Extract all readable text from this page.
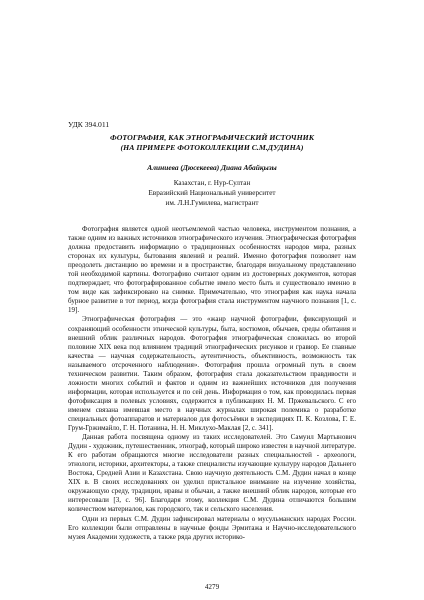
УДК 394.011
ФОТОГРАФИЯ, КАК ЭТНОГРАФИЧЕСКИЙ ИСТОЧНИК
(НА ПРИМЕРЕ ФОТОКОЛЛЕКЦИИ С.М.ДУДИНА)
Алиниева (Дюсекеева) Диана Абайқызы
Казахстан, г. Нур-Султан
Евразийский Национальный университет
им. Л.Н.Гумилева, магистрант

Фотография является одной неотъемлемой частью человека, инструментом познания, а также одним из важных источников этнографического изучения. Этнографическая фотография должна предоставить информацию о традиционных особенностях народов мира, разных сторонах их культуры, бытования явлений и реалий. Именно фотография позволяет нам преодолеть дистанцию во времени и в пространстве, благодаря визуальному представлению той необходимой картины. Фотографию считают одним из достоверных документов, которая подтверждает, что фотографированное событие имело место быть и существовало именно в том виде как зафиксировано на снимке. Примечательно, что этнография как наука начала бурное развитие в тот период, когда фотография стала инструментом научного познания [1, с. 19].

Этнографическая фотография — это «жанр научной фотографии, фиксирующий и сохраняющий особенности этнической культуры, быта, костюмов, обычаев, среды обитания и внешний облик различных народов. Фотография этнографическая сложилась во второй половине XIX века под влиянием традиций этнографических рисунков и гравюр. Ее главные качества — научная содержательность, аутентичность, объективность, возможность так называемого отсроченного наблюдения». Фотография прошла огромный путь в своем техническом развитии. Таким образом, фотография стала доказательством правдивости и ложности многих событий и фактов и одним из важнейших источников для получения информации, которая используется и по сей день. Информация о том, как проводилась первая фотофиксация в полевых условиях, содержится в публикациях Н. М. Пржевальского. С его именем связана имевшая место в научных журналах широкая полемика о разработке специальных фотоаппаратов и материалов для фотосъёмки в экспедициях П. К. Козлова, Г. Е. Грум-Гржимайло, Г. Н. Потанина, Н. Н. Миклухо-Маклая [2, с. 341].

Данная работа посвящена одному из таких исследователей. Это Самуил Мартынович Дудин - художник, путешественник, этнограф, который широко известен в научной литературе. К его работам обращаются многие исследователи разных специальностей - археологи, этнологи, историки, архитекторы, а также специалисты изучающие культуру народов Дальнего Востока, Средней Азии и Казахстана. Свою научную деятельность С.М. Дудин начал в конце XIX в. В своих исследованиях он уделил пристальное внимание на изучение хозяйства, окружающую среду, традиции, нравы и обычаи, а также внешний облик народов, которые его интересовали [3, с. 96]. Благодаря этому, коллекция С.М. Дудина отличаются большим количеством материалов, как городского, так и сельского населения.

Одни из первых С.М. Дудин зафиксировал материалы о мусульманских народах России. Его коллекции были отправлены в научные фонды Эрмитажа и Научно-исследовательского музея Академии художеств, а также ряда других историко-

4279
